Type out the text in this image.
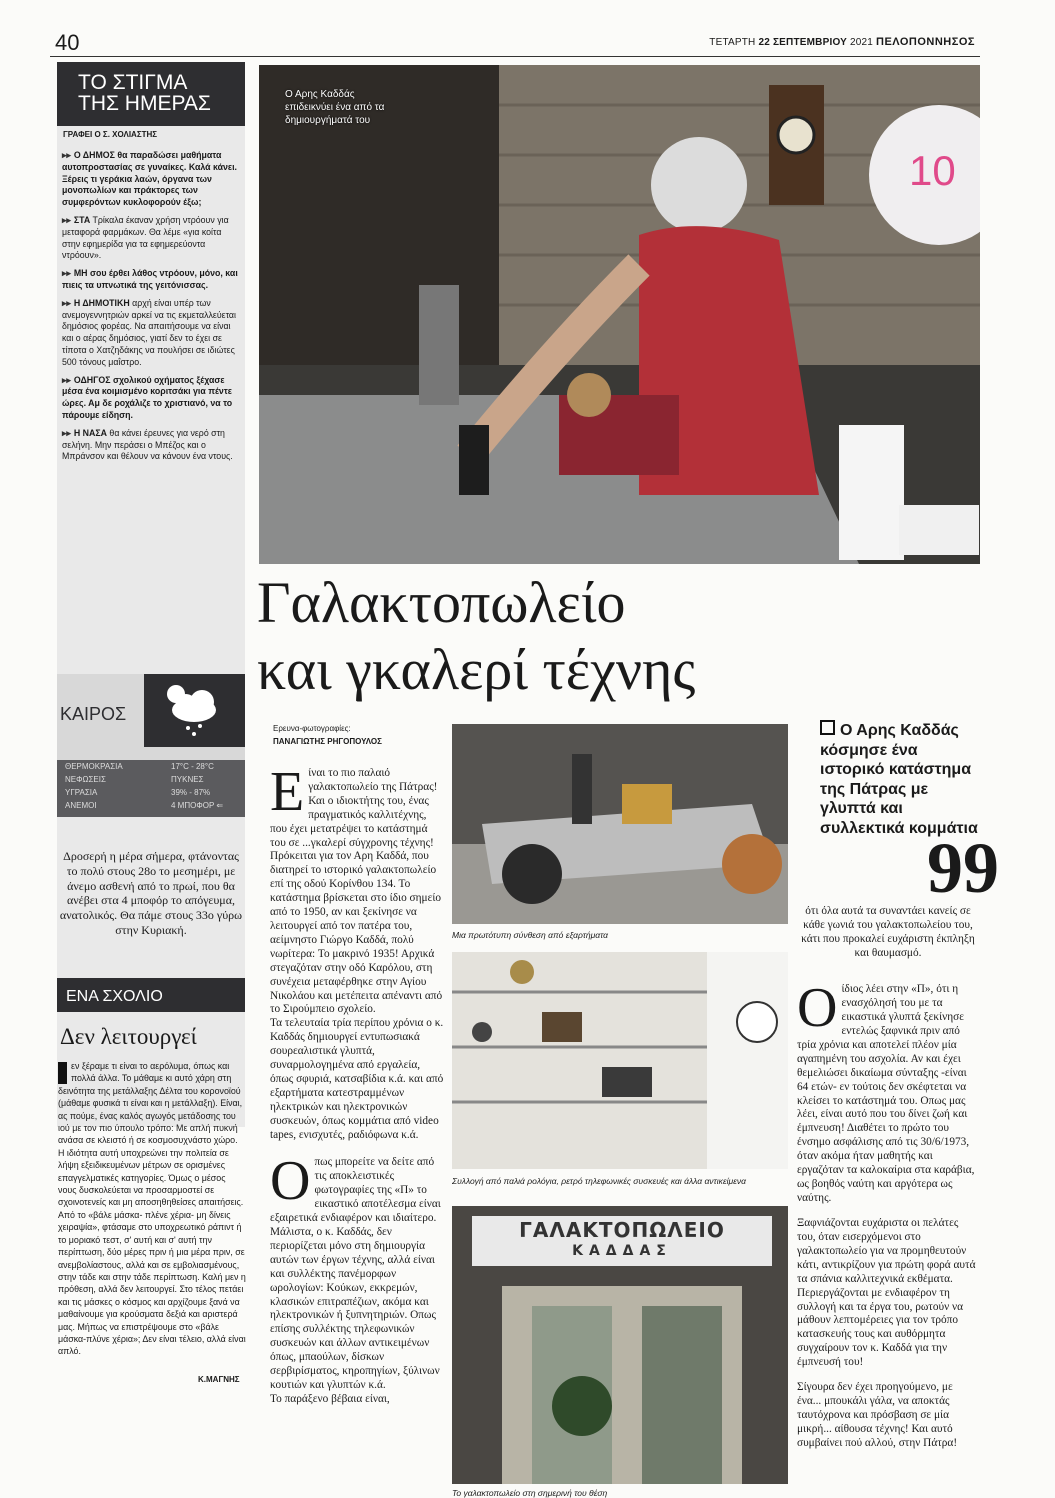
40	ΤΕΤΑΡΤΗ 22 ΣΕΠΤΕΜΒΡΙΟΥ 2021 ΠΕΛΟΠΟΝΝΗΣΟΣ
ΤΟ ΣΤΙΓΜΑ
ΤΗΣ ΗΜΕΡΑΣ
ΓΡΑΦΕΙ Ο Σ. ΧΟΛΙΑΣΤΗΣ
▸▸ Ο ΔΗΜΟΣ θα παραδώσει μαθήματα αυτοπροστασίας σε γυναίκες. Καλά κάνει. Ξέρεις τι γεράκια λαών, όργανα των μονοπωλίων και πράκτορες των συμφερόντων κυκλοφορούν έξω;
▸▸ ΣΤΑ Τρίκαλα έκαναν χρήση ντρόουν για μεταφορά φαρμάκων. Θα λέμε «για κοίτα στην εφημερίδα για τα εφημερεύοντα ντρόουν».
▸▸ ΜΗ σου έρθει λάθος ντρόουν, μόνο, και πιεις τα υπνωτικά της γειτόνισσας.
▸▸ Η ΔΗΜΟΤΙΚΗ αρχή είναι υπέρ των ανεμογεννητριών αρκεί να τις εκμεταλλεύεται δημόσιος φορέας. Να απαιτήσουμε να είναι και ο αέρας δημόσιος, γιατί δεν το έχει σε τίποτα ο Χατζηδάκης να πουλήσει σε ιδιώτες 500 τόνους μαΐστρο.
▸▸ ΟΔΗΓΟΣ σχολικού οχήματος ξέχασε μέσα ένα κοιμισμένο κοριτσάκι για πέντε ώρες. Αμ δε ροχάλιζε το χριστιανό, να το πάρουμε είδηση.
▸▸ Η ΝΑΣΑ θα κάνει έρευνες για νερό στη σελήνη. Μην περάσει ο Μπέζος και ο Μπράνσον και θέλουν να κάνουν ένα ντους.
ΚΑΙΡΟΣ
ΘΕΡΜΟΚΡΑΣΙΑ	17°C - 28°C
ΝΕΦΩΣΕΙΣ	ΠΥΚΝΕΣ
ΥΓΡΑΣΙΑ	39% - 87%
ΑΝΕΜΟΙ	4 ΜΠΟΦΟΡ ⇐
Δροσερή η μέρα σήμερα, φτάνοντας το πολύ στους 28ο το μεσημέρι, με άνεμο ασθενή από το πρωί, που θα ανέβει στα 4 μποφόρ το απόγευμα, ανατολικός. Θα πάμε στους 33ο γύρω στην Κυριακή.
ΕΝΑ ΣΧΟΛΙΟ
Δεν λειτουργεί

εν ξέραμε τι είναι το αερόλυμα, όπως και πολλά άλλα. Το μάθαμε κι αυτό χάρη στη δεινότητα της μετάλλαξης Δέλτα του κορονοϊού (μάθαμε φυσικά τι είναι και η μετάλλαξη). Είναι, ας πούμε, ένας καλός αγωγός μετάδοσης του ιού με τον πιο ύπουλο τρόπο: Με απλή πυκνή ανάσα σε κλειστό ή σε κοσμοσυχνάστο χώρο.

Η ιδιότητα αυτή υποχρεώνει την πολιτεία σε λήψη εξειδικευμένων μέτρων σε ορισμένες επαγγελματικές κατηγορίες. Όμως ο μέσος νους δυσκολεύεται να προσαρμοστεί σε σχοινοτενείς και μη αποσηθηθείσες απαιτήσεις. Από το «βάλε μάσκα- πλένε χέρια- μη δίνεις χειραψία», φτάσαμε στο υποχρεωτικό ράπιντ ή το μοριακό τεστ, σ' αυτή και σ' αυτή την περίπτωση, δύο μέρες πριν ή μια μέρα πριν, σε ανεμβολίαστους, αλλά και σε εμβολιασμένους, στην τάδε και στην τάδε περίπτωση. Καλή μεν η πρόθεση, αλλά δεν λειτουργεί. Στο τέλος πετάει και τις μάσκες ο κόσμος και αρχίζουμε ξανά να μαθαίνουμε για κρούσματα δεξιά και αριστερά μας. Μήπως να επιστρέψουμε στο «βάλε μάσκα-πλύνε χέρια»; Δεν είναι τέλειο, αλλά είναι απλό.

Κ.ΜΑΓΝΗΣ
10
Ο Αρης Καδδάς επιδεικνύει ένα από τα δημιουργήματά του
Γαλακτοπωλείο
και γκαλερί τέχνης
Ερευνα-φωτογραφίες:
ΠΑΝΑΓΙΩΤΗΣ ΡΗΓΟΠΟΥΛΟΣ

Είναι το πιο παλαιό γαλακτοπωλείο της Πάτρας! Και ο ιδιοκτήτης του, ένας πραγματικός καλλιτέχνης, που έχει μετατρέψει το κατάστημά του σε ...γκαλερί σύγχρονης τέχνης!

Πρόκειται για τον Αρη Καδδά, που διατηρεί το ιστορικό γαλακτοπωλείο επί της οδού Κορίνθου 134. Το κατάστημα βρίσκεται στο ίδιο σημείο από το 1950, αν και ξεκίνησε να λειτουργεί από τον πατέρα του, αείμνηστο Γιώργο Καδδά, πολύ νωρίτερα: Το μακρινό 1935! Αρχικά στεγαζόταν στην οδό Καρόλου, στη συνέχεια μεταφέρθηκε στην Αγίου Νικολάου και μετέπειτα απέναντι από το Σιρούμπειο σχολείο.

Τα τελευταία τρία περίπου χρόνια ο κ. Καδδάς δημιουργεί εντυπωσιακά σουρεαλιστικά γλυπτά, συναρμολογημένα από εργαλεία, όπως σφυριά, κατσαβίδια κ.ά. και από εξαρτήματα κατεστραμμένων ηλεκτρικών και ηλεκτρονικών συσκευών, όπως κομμάτια από video tapes, ενισχυτές, ραδιόφωνα κ.ά.

Οπως μπορείτε να δείτε από τις αποκλειστικές φωτογραφίες της «Π» το εικαστικό αποτέλεσμα είναι εξαιρετικά ενδιαφέρον και ιδιαίτερο. Μάλιστα, ο κ. Καδδάς, δεν περιορίζεται μόνο στη δημιουργία αυτών των έργων τέχνης, αλλά είναι και συλλέκτης πανέμορφων ωρολογίων: Κούκων, εκκρεμών, κλασικών επιτραπέζιων, ακόμα και ηλεκτρονικών ή ξυπνητηριών. Οπως επίσης συλλέκτης τηλεφωνικών συσκευών και άλλων αντικειμένων όπως, μπαούλων, δίσκων σερβιρίσματος, κηροπηγίων, ξύλινων κουτιών και γλυπτών κ.ά.

Το παράξενο βέβαια είναι,

Μια πρωτότυπη σύνθεση από εξαρτήματα
Συλλογή από παλιά ρολόγια, ρετρό τηλεφωνικές συσκευές και άλλα αντικείμενα
ΓΑΛΑΚΤΟΠΩΛΕΙΟ
ΚΑΔΔΑΣ
Το γαλακτοπωλείο στη σημερινή του θέση
Ο Αρης Καδδάς κόσμησε ένα ιστορικό κατάστημα της Πάτρας με γλυπτά και συλλεκτικά κομμάτια
99
ότι όλα αυτά τα συναντάει κανείς σε κάθε γωνιά του γαλακτοπωλείου του, κάτι που προκαλεί ευχάριστη έκπληξη και θαυμασμό.

Οίδιος λέει στην «Π», ότι η ενασχόλησή του με τα εικαστικά γλυπτά ξεκίνησε εντελώς ξαφνικά πριν από τρία χρόνια και αποτελεί πλέον μία αγαπημένη του ασχολία. Αν και έχει θεμελιώσει δικαίωμα σύνταξης -είναι 64 ετών- εν τούτοις δεν σκέφτεται να κλείσει το κατάστημά του. Οπως μας λέει, είναι αυτό που του δίνει ζωή και έμπνευση! Διαθέτει το πρώτο του ένσημο ασφάλισης από τις 30/6/1973, όταν ακόμα ήταν μαθητής και εργαζόταν τα καλοκαίρια στα καράβια, ως βοηθός ναύτη και αργότερα ως ναύτης.

Ξαφνιάζονται ευχάριστα οι πελάτες του, όταν εισερχόμενοι στο γαλακτοπωλείο για να προμηθευτούν κάτι, αντικρίζουν για πρώτη φορά αυτά τα σπάνια καλλιτεχνικά εκθέματα. Περιεργάζονται με ενδιαφέρον τη συλλογή και τα έργα του, ρωτούν να μάθουν λεπτομέρειες για τον τρόπο κατασκευής τους και αυθόρμητα συγχαίρουν τον κ. Καδδά για την έμπνευσή του!

Σίγουρα δεν έχει προηγούμενο, με ένα... μπουκάλι γάλα, να αποκτάς ταυτόχρονα και πρόσβαση σε μία μικρή... αίθουσα τέχνης! Και αυτό συμβαίνει πού αλλού, στην Πάτρα!
